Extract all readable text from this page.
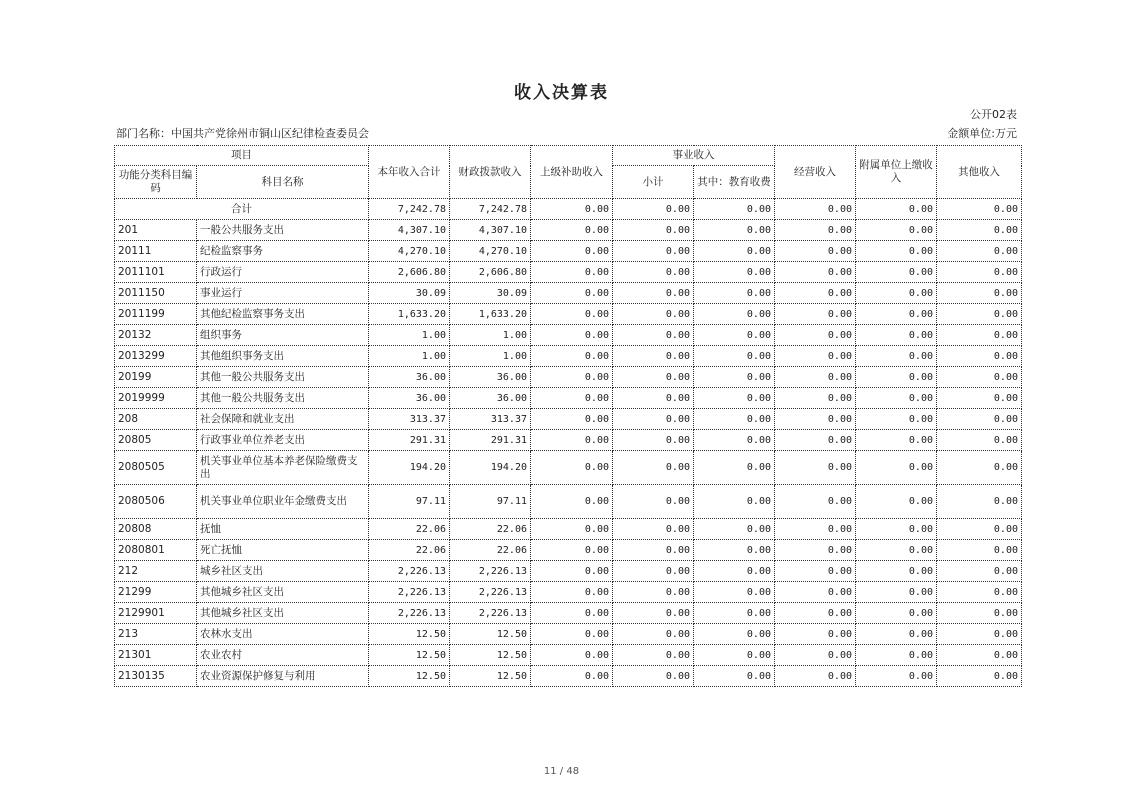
收入决算表
公开02表
部门名称：中国共产党徐州市铜山区纪律检查委员会	金额单位:万元
项目		本年收入合计	财政拨款收入	上级补助收入	事业收入		经营收入	附属单位上缴收入	其他收入
功能分类科目编码	科目名称				小计	其中：教育收费			
合计		7,242.78	7,242.78	0.00	0.00	0.00	0.00	0.00	0.00
201	一般公共服务支出	4,307.10	4,307.10	0.00	0.00	0.00	0.00	0.00	0.00
20111	纪检监察事务	4,270.10	4,270.10	0.00	0.00	0.00	0.00	0.00	0.00
2011101	行政运行	2,606.80	2,606.80	0.00	0.00	0.00	0.00	0.00	0.00
2011150	事业运行	30.09	30.09	0.00	0.00	0.00	0.00	0.00	0.00
2011199	其他纪检监察事务支出	1,633.20	1,633.20	0.00	0.00	0.00	0.00	0.00	0.00
20132	组织事务	1.00	1.00	0.00	0.00	0.00	0.00	0.00	0.00
2013299	其他组织事务支出	1.00	1.00	0.00	0.00	0.00	0.00	0.00	0.00
20199	其他一般公共服务支出	36.00	36.00	0.00	0.00	0.00	0.00	0.00	0.00
2019999	其他一般公共服务支出	36.00	36.00	0.00	0.00	0.00	0.00	0.00	0.00
208	社会保障和就业支出	313.37	313.37	0.00	0.00	0.00	0.00	0.00	0.00
20805	行政事业单位养老支出	291.31	291.31	0.00	0.00	0.00	0.00	0.00	0.00
2080505	机关事业单位基本养老保险缴费支出	194.20	194.20	0.00	0.00	0.00	0.00	0.00	0.00
2080506	机关事业单位职业年金缴费支出	97.11	97.11	0.00	0.00	0.00	0.00	0.00	0.00
20808	抚恤	22.06	22.06	0.00	0.00	0.00	0.00	0.00	0.00
2080801	死亡抚恤	22.06	22.06	0.00	0.00	0.00	0.00	0.00	0.00
212	城乡社区支出	2,226.13	2,226.13	0.00	0.00	0.00	0.00	0.00	0.00
21299	其他城乡社区支出	2,226.13	2,226.13	0.00	0.00	0.00	0.00	0.00	0.00
2129901	其他城乡社区支出	2,226.13	2,226.13	0.00	0.00	0.00	0.00	0.00	0.00
213	农林水支出	12.50	12.50	0.00	0.00	0.00	0.00	0.00	0.00
21301	农业农村	12.50	12.50	0.00	0.00	0.00	0.00	0.00	0.00
2130135	农业资源保护修复与利用	12.50	12.50	0.00	0.00	0.00	0.00	0.00	0.00
11 / 48
